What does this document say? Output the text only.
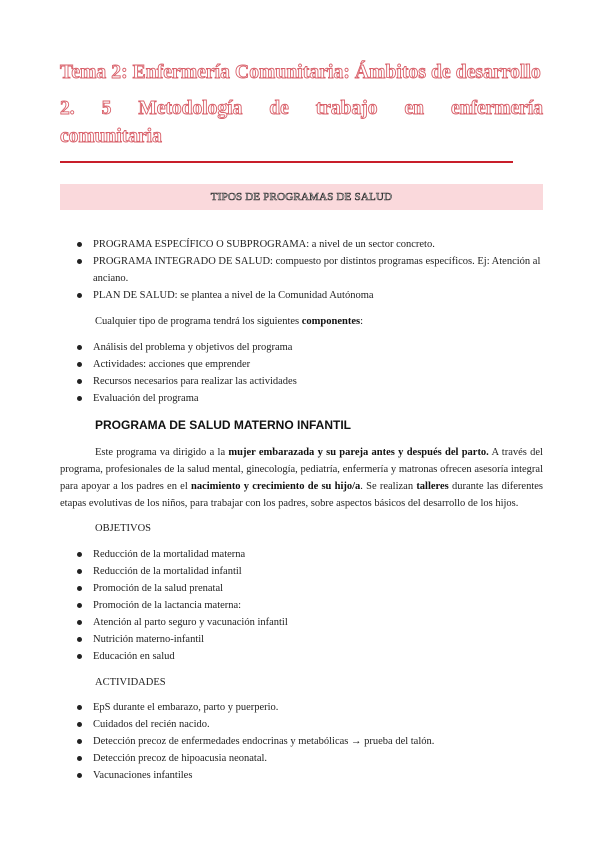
Tema 2: Enfermería Comunitaria: Ámbitos de desarrollo
2. 5 Metodología de trabajo en enfermería
comunitaria
TIPOS DE PROGRAMAS DE SALUD
PROGRAMA ESPECÍFICO O SUBPROGRAMA: a nivel de un sector concreto.
PROGRAMA INTEGRADO DE SALUD: compuesto por distintos programas específicos. Ej: Atención al anciano.
PLAN DE SALUD: se plantea a nivel de la Comunidad Autónoma
Cualquier tipo de programa tendrá los siguientes componentes:
Análisis del problema y objetivos del programa
Actividades: acciones que emprender
Recursos necesarios para realizar las actividades
Evaluación del programa
PROGRAMA DE SALUD MATERNO INFANTIL
Este programa va dirigido a la mujer embarazada y su pareja antes y después del parto. A través del programa, profesionales de la salud mental, ginecología, pediatría, enfermería y matronas ofrecen asesoría integral para apoyar a los padres en el nacimiento y crecimiento de su hijo/a. Se realizan talleres durante las diferentes etapas evolutivas de los niños, para trabajar con los padres, sobre aspectos básicos del desarrollo de los hijos.
OBJETIVOS
Reducción de la mortalidad materna
Reducción de la mortalidad infantil
Promoción de la salud prenatal
Promoción de la lactancia materna:
Atención al parto seguro y vacunación infantil
Nutrición materno-infantil
Educación en salud
ACTIVIDADES
EpS durante el embarazo, parto y puerperio.
Cuidados del recién nacido.
Detección precoz de enfermedades endocrinas y metabólicas → prueba del talón.
Detección precoz de hipoacusia neonatal.
Vacunaciones infantiles
